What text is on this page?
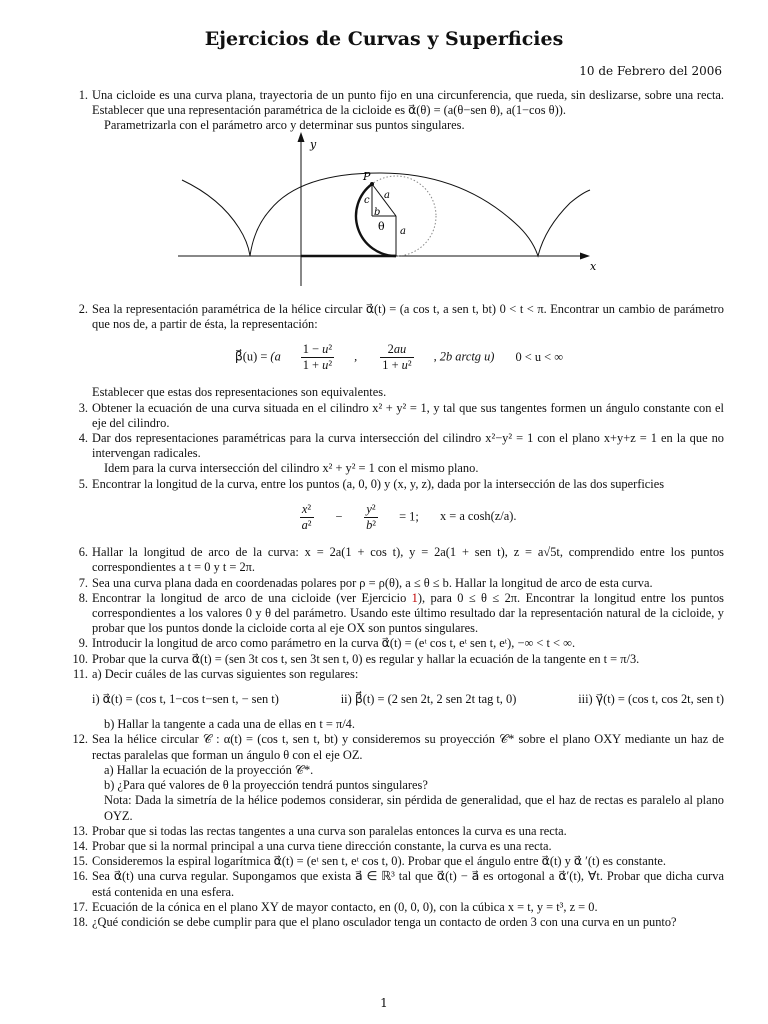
Ejercicios de Curvas y Superficies
10 de Febrero del 2006
y
x
P
a
c
b
θ a
1. Una cicloide es una curva plana, trayectoria de un punto fijo en una circunferencia, que rueda, sin deslizarse, sobre una recta. Establecer que una representación paramétrica de la cicloide es α⃗(θ) = (a(θ−sen θ), a(1−cos θ)).
Parametrizarla con el parámetro arco y determinar sus puntos singulares.
2. Sea la representación paramétrica de la hélice circular α⃗(t) = (a cos t, a sen t, bt) 0 < t < π. Encontrar un cambio de parámetro que nos de, a partir de ésta, la representación:
β⃗(u) = ($a \frac{\text{1 − u²}}{\text{1 + u²}}$ , $\frac{2au}{\text{1 + u²}}$ , 2b arctg u) 0 < u < ∞
Establecer que estas dos representaciones son equivalentes.
3. Obtener la ecuación de una curva situada en el cilindro x² + y² = 1, y tal que sus tangentes formen un ángulo constante con el eje del cilindro.
4. Dar dos representaciones paramétricas para la curva intersección del cilindro x²−y² = 1 con el plano x+y+z = 1 en la que no intervengan radicales.
Idem para la curva intersección del cilindro x² + y² = 1 con el mismo plano.
5. Encontrar la longitud de la curva, entre los puntos (a, 0, 0) y (x, y, z), dada por la intersección de las dos superficies
$\frac{\text{x²}}{\text{a²}} - \frac{\text{y²}}{\text{b²}} = 1$; x = a cosh(z/a).
6. Hallar la longitud de arco de la curva: x = 2a(1 + cos t), y = 2a(1 + sen t), z = a√5t, comprendido entre los puntos correspondientes a t = 0 y t = 2π.
7. Sea una curva plana dada en coordenadas polares por ρ = ρ(θ), a ≤ θ ≤ b. Hallar la longitud de arco de esta curva.
8. Encontrar la longitud de arco de una cicloide (ver Ejercicio 1), para 0 ≤ θ ≤ 2π. Encontrar la longitud entre los puntos correspondientes a los valores 0 y θ del parámetro. Usando este último resultado dar la representación natural de la cicloide, y probar que los puntos donde la cicloide corta al eje OX son puntos singulares.
9. Introducir la longitud de arco como parámetro en la curva α⃗(t) = (eᵗ cos t, eᵗ sen t, eᵗ), −∞ < t < ∞.
10. Probar que la curva α⃗(t) = (sen 3t cos t, sen 3t sen t, 0) es regular y hallar la ecuación de la tangente en t = π/3.
11. a) Decir cuáles de las curvas siguientes son regulares:
i) α⃗(t) = (cos t, 1−cos t−sen t, − sen t)	ii) β⃗(t) = (2 sen 2t, 2 sen 2t tag t, 0)	iii) γ⃗(t) = (cos t, cos 2t, sen t)
b) Hallar la tangente a cada una de ellas en t = π/4.
12. Sea la hélice circular 𝒞 : α(t) = (cos t, sen t, bt) y consideremos su proyección 𝒞* sobre el plano OXY mediante un haz de rectas paralelas que forman un ángulo θ con el eje OZ.
a) Hallar la ecuación de la proyección 𝒞*.
b) ¿Para qué valores de θ la proyección tendrá puntos singulares?
Nota: Dada la simetría de la hélice podemos considerar, sin pérdida de generalidad, que el haz de rectas es paralelo al plano OYZ.
13. Probar que si todas las rectas tangentes a una curva son paralelas entonces la curva es una recta.
14. Probar que si la normal principal a una curva tiene dirección constante, la curva es una recta.
15. Consideremos la espiral logarítmica α⃗(t) = (eᵗ sen t, eᵗ cos t, 0). Probar que el ángulo entre α⃗(t) y α⃗ ′(t) es constante.
16. Sea α⃗(t) una curva regular. Supongamos que exista a⃗ ∈ ℝ³ tal que α⃗(t) − a⃗ es ortogonal a α⃗′(t), ∀t. Probar que dicha curva está contenida en una esfera.
17. Ecuación de la cónica en el plano XY de mayor contacto, en (0, 0, 0), con la cúbica x = t, y = t³, z = 0.
18. ¿Qué condición se debe cumplir para que el plano osculador tenga un contacto de orden 3 con una curva en un punto?
1
